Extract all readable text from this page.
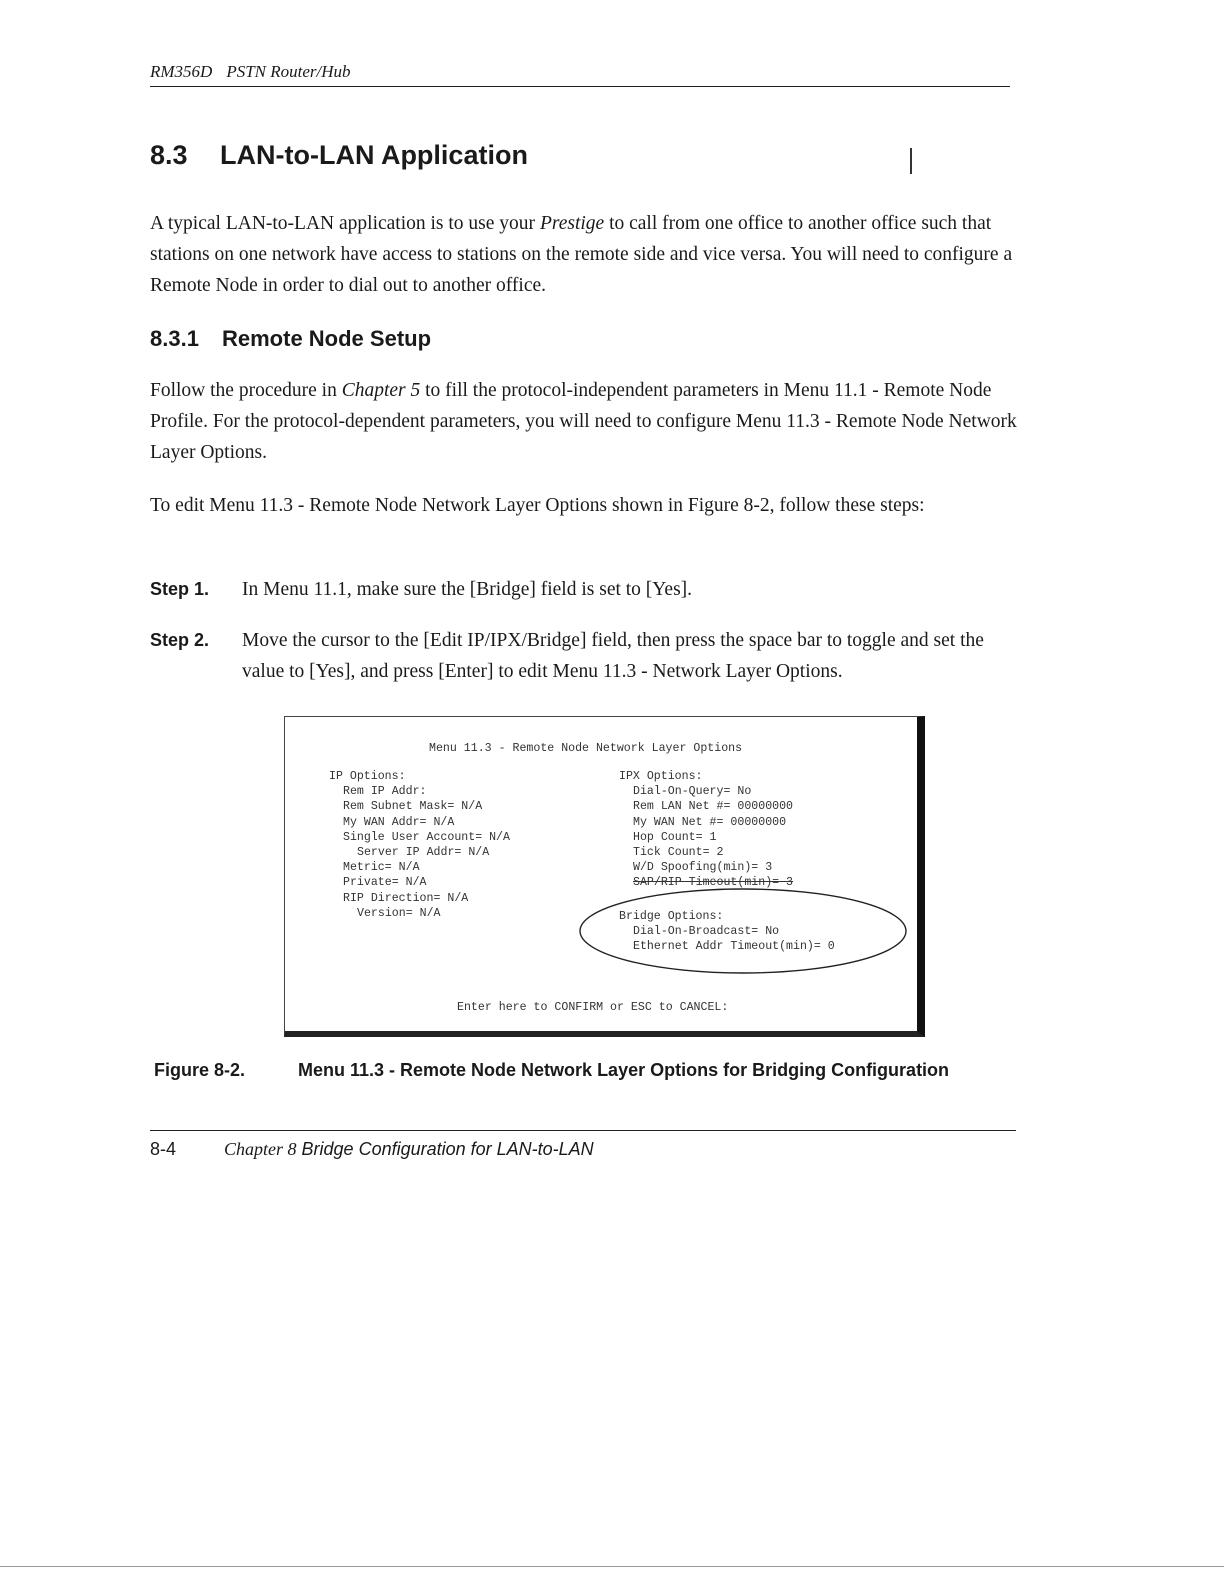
RM356D PSTN Router/Hub
8.3 LAN-to-LAN Application

A typical LAN-to-LAN application is to use your Prestige to call from one office to another office such that stations on one network have access to stations on the remote side and vice versa. You will need to configure a Remote Node in order to dial out to another office.

8.3.1 Remote Node Setup

Follow the procedure in Chapter 5 to fill the protocol-independent parameters in Menu 11.1 - Remote Node Profile. For the protocol-dependent parameters, you will need to configure Menu 11.3 - Remote Node Network Layer Options.

To edit Menu 11.3 - Remote Node Network Layer Options shown in Figure 8-2, follow these steps:

Step 1. In Menu 11.1, make sure the [Bridge] field is set to [Yes].
Step 2. Move the cursor to the [Edit IP/IPX/Bridge] field, then press the space bar to toggle and set the value to [Yes], and press [Enter] to edit Menu 11.3 - Network Layer Options.
Menu 11.3 - Remote Node Network Layer Options
IP Options:
Rem IP Addr:
Rem Subnet Mask= N/A
My WAN Addr= N/A
Single User Account= N/A
Server IP Addr= N/A
Metric= N/A
Private= N/A
RIP Direction= N/A
Version= N/A
IPX Options:
Dial-On-Query= No
Rem LAN Net #= 00000000
My WAN Net #= 00000000
Hop Count= 1
Tick Count= 2
W/D Spoofing(min)= 3
SAP/RIP Timeout(min)= 3
Bridge Options:
Dial-On-Broadcast= No
Ethernet Addr Timeout(min)= 0
Enter here to CONFIRM or ESC to CANCEL:
Figure 8-2.	Menu 11.3 - Remote Node Network Layer Options for Bridging Configuration
8-4	Chapter 8 Bridge Configuration for LAN-to-LAN
